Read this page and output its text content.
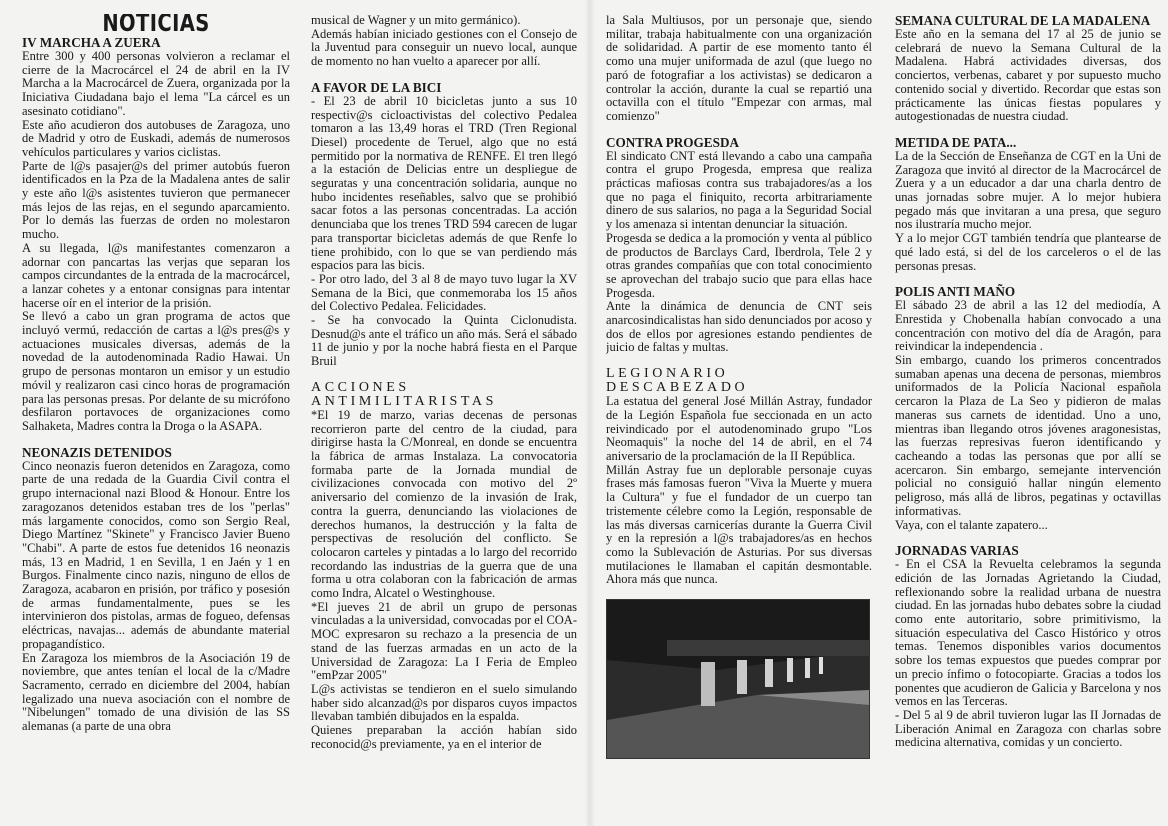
NOTICIAS
IV MARCHA A ZUERA

Entre 300 y 400 personas volvieron a reclamar el cierre de la Macrocárcel el 24 de abril en la IV Marcha a la Macrocárcel de Zuera, organizada por la Iniciativa Ciudadana bajo el lema "La cárcel es un asesinato cotidiano".

Este año acudieron dos autobuses de Zaragoza, uno de Madrid y otro de Euskadi, además de numerosos vehículos particulares y varios ciclistas.

Parte de l@s pasajer@s del primer autobús fueron identificados en la Pza de la Madalena antes de salir y este año l@s asistentes tuvieron que permanecer más lejos de las rejas, en el segundo aparcamiento. Por lo demás las fuerzas de orden no molestaron mucho.

A su llegada, l@s manifestantes comenzaron a adornar con pancartas las verjas que separan los campos circundantes de la entrada de la macrocárcel, a lanzar cohetes y a entonar consignas para intentar hacerse oír en el interior de la prisión.

Se llevó a cabo un gran programa de actos que incluyó vermú, redacción de cartas a l@s pres@s y actuaciones musicales diversas, además de la novedad de la autodenominada Radio Hawai. Un grupo de personas montaron un emisor y un estudio móvil y realizaron casi cinco horas de programación para las personas presas. Por delante de su micrófono desfilaron portavoces de organizaciones como Salhaketa, Madres contra la Droga o la ASAPA.

NEONAZIS DETENIDOS

Cinco neonazis fueron detenidos en Zaragoza, como parte de una redada de la Guardia Civil contra el grupo internacional nazi Blood & Honour. Entre los zaragozanos detenidos estaban tres de los "perlas" más largamente conocidos, como son Sergio Real, Diego Martínez "Skinete" y Francisco Javier Bueno "Chabi". A parte de estos fue detenidos 16 neonazis más, 13 en Madrid, 1 en Sevilla, 1 en Jaén y 1 en Burgos. Finalmente cinco nazis, ninguno de ellos de Zaragoza, acabaron en prisión, por tráfico y posesión de armas fundamentalmente, pues se les intervinieron dos pistolas, armas de fogueo, defensas eléctricas, navajas... además de abundante material propagandístico.

En Zaragoza los miembros de la Asociación 19 de noviembre, que antes tenían el local de la c/Madre Sacramento, cerrado en diciembre del 2004, habían legalizado una nueva asociación con el nombre de "Nibelungen" tomado de una división de las SS alemanas (a parte de una obra

musical de Wagner y un mito germánico).

Además habían iniciado gestiones con el Consejo de la Juventud para conseguir un nuevo local, aunque de momento no han vuelto a aparecer por allí.

A FAVOR DE LA BICI

- El 23 de abril 10 bicicletas junto a sus 10 respectiv@s cicloactivistas del colectivo Pedalea tomaron a las 13,49 horas el TRD (Tren Regional Diesel) procedente de Teruel, algo que no está permitido por la normativa de RENFE. El tren llegó a la estación de Delicias entre un despliegue de seguratas y una concentración solidaria, aunque no hubo incidentes reseñables, salvo que se prohibió sacar fotos a las personas concentradas. La acción denunciaba que los trenes TRD 594 carecen de lugar para transportar bicicletas además de que Renfe lo tiene prohibido, con lo que se van perdiendo más espacios para las bicis.

- Por otro lado, del 3 al 8 de mayo tuvo lugar la XV Semana de la Bici, que conmemoraba los 15 años del Colectivo Pedalea. Felicidades.

- Se ha convocado la Quinta Ciclonudista. Desnud@s ante el tráfico un año más. Será el sábado 11 de junio y por la noche habrá fiesta en el Parque Bruil

ACCIONES ANTIMILITARISTAS

*El 19 de marzo, varias decenas de personas recorrieron parte del centro de la ciudad, para dirigirse hasta la C/Monreal, en donde se encuentra la fábrica de armas Instalaza. La convocatoria formaba parte de la Jornada mundial de civilizaciones convocada con motivo del 2º aniversario del comienzo de la invasión de Irak, contra la guerra, denunciando las violaciones de derechos humanos, la destrucción y la falta de perspectivas de resolución del conflicto. Se colocaron carteles y pintadas a lo largo del recorrido recordando las industrias de la guerra que de una forma u otra colaboran con la fabricación de armas como Indra, Alcatel o Westinghouse.

*El jueves 21 de abril un grupo de personas vinculadas a la universidad, convocadas por el COA-MOC expresaron su rechazo a la presencia de un stand de las fuerzas armadas en un acto de la Universidad de Zaragoza: La I Feria de Empleo "emPzar 2005"

L@s activistas se tendieron en el suelo simulando haber sido alcanzad@s por disparos cuyos impactos llevaban también dibujados en la espalda.

Quienes preparaban la acción habían sido reconocid@s previamente, ya en el interior de

la Sala Multiusos, por un personaje que, siendo militar, trabaja habitualmente con una organización de solidaridad. A partir de ese momento tanto él como una mujer uniformada de azul (que luego no paró de fotografiar a los activistas) se dedicaron a controlar la acción, durante la cual se repartió una octavilla con el título "Empezar con armas, mal comienzo"

CONTRA PROGESDA

El sindicato CNT está llevando a cabo una campaña contra el grupo Progesda, empresa que realiza prácticas mafiosas contra sus trabajadores/as a los que no paga el finiquito, recorta arbitrariamente dinero de sus salarios, no paga a la Seguridad Social y los amenaza si intentan denunciar la situación.

Progesda se dedica a la promoción y venta al público de productos de Barclays Card, Iberdrola, Tele 2 y otras grandes compañías que con total conocimiento se aprovechan del trabajo sucio que para ellas hace Progesda.

Ante la dinámica de denuncia de CNT seis anarcosindicalistas han sido denunciados por acoso y dos de ellos por agresiones estando pendientes de juicio de faltas y multas.

LEGIONARIO DESCABEZADO

La estatua del general José Millán Astray, fundador de la Legión Española fue seccionada en un acto reivindicado por el autodenominado grupo "Los Neomaquis" la noche del 14 de abril, en el 74 aniversario de la proclamación de la II República.

Millán Astray fue un deplorable personaje cuyas frases más famosas fueron "Viva la Muerte y muera la Cultura" y fue el fundador de un cuerpo tan tristemente célebre como la Legión, responsable de las más diversas carnicerías durante la Guerra Civil y en la represión a l@s trabajadores/as en hechos como la Sublevación de Asturias. Por sus diversas mutilaciones le llamaban el capitán desmontable. Ahora más que nunca.

SEMANA CULTURAL DE LA MADALENA

Este año en la semana del 17 al 25 de junio se celebrará de nuevo la Semana Cultural de la Madalena. Habrá actividades diversas, dos conciertos, verbenas, cabaret y por supuesto mucho contenido social y divertido. Recordar que estas son prácticamente las únicas fiestas populares y autogestionadas de nuestra ciudad.

METIDA DE PATA...

La de la Sección de Enseñanza de CGT en la Uni de Zaragoza que invitó al director de la Macrocárcel de Zuera y a un educador a dar una charla dentro de unas jornadas sobre mujer. A lo mejor hubiera pegado más que invitaran a una presa, que seguro nos ilustraría mucho mejor.

Y a lo mejor CGT también tendría que plantearse de qué lado está, si del de los carceleros o el de las personas presas.

POLIS ANTI MAÑO

El sábado 23 de abril a las 12 del mediodía, A Enrestida y Chobenalla habían convocado a una concentración con motivo del día de Aragón, para reivindicar la independencia .

Sin embargo, cuando los primeros concentrados sumaban apenas una decena de personas, miembros uniformados de la Policía Nacional española cercaron la Plaza de La Seo y pidieron de malas maneras sus carnets de identidad. Uno a uno, mientras iban llegando otros jóvenes aragonesistas, las fuerzas represivas fueron identificando y cacheando a todas las personas que por allí se acercaron. Sin embargo, semejante intervención policial no consiguió hallar ningún elemento peligroso, más allá de libros, pegatinas y octavillas informativas.

Vaya, con el talante zapatero...

JORNADAS VARIAS

- En el CSA la Revuelta celebramos la segunda edición de las Jornadas Agrietando la Ciudad, reflexionando sobre la realidad urbana de nuestra ciudad. En las jornadas hubo debates sobre la ciudad como ente autoritario, sobre primitivismo, la situación especulativa del Casco Histórico y otros temas. Tenemos disponibles varios documentos sobre los temas expuestos que puedes comprar por un precio ínfimo o fotocopiarte. Gracias a todos los ponentes que acudieron de Galicia y Barcelona y nos vemos en las Terceras.

- Del 5 al 9 de abril tuvieron lugar las II Jornadas de Liberación Animal en Zaragoza con charlas sobre medicina alternativa, comidas y un concierto.
